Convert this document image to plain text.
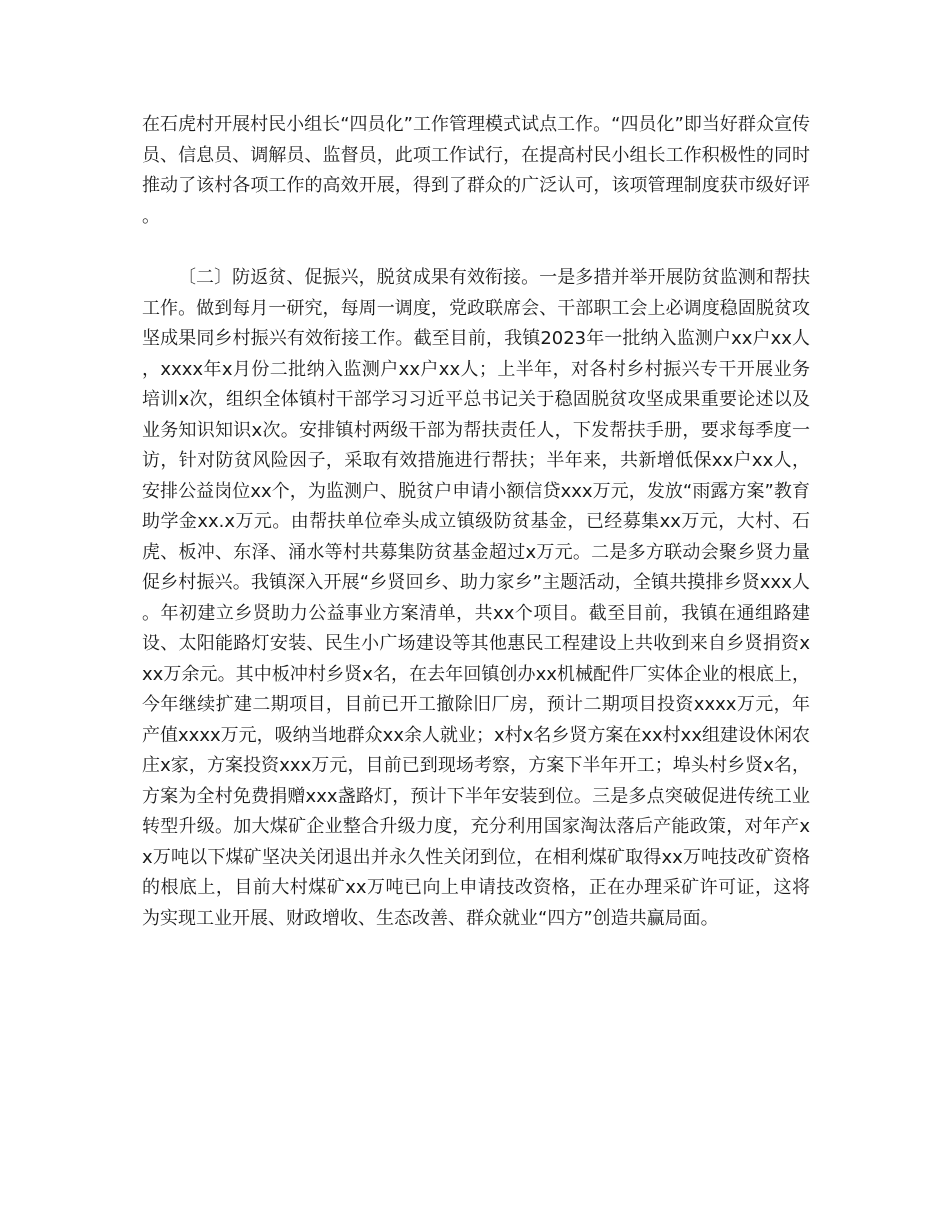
在石虎村开展村民小组长“四员化”工作管理模式试点工作。“四员化”即当好群众宣传员、信息员、调解员、监督员，此项工作试行，在提高村民小组长工作积极性的同时推动了该村各项工作的高效开展，得到了群众的广泛认可，该项管理制度获市级好评。

〔二〕防返贫、促振兴，脱贫成果有效衔接。一是多措并举开展防贫监测和帮扶工作。做到每月一研究，每周一调度，党政联席会、干部职工会上必调度稳固脱贫攻坚成果同乡村振兴有效衔接工作。截至目前，我镇2023年一批纳入监测户xx户xx人，xxxx年x月份二批纳入监测户xx户xx人；上半年，对各村乡村振兴专干开展业务培训x次，组织全体镇村干部学习习近平总书记关于稳固脱贫攻坚成果重要论述以及业务知识知识x次。安排镇村两级干部为帮扶责任人，下发帮扶手册，要求每季度一访，针对防贫风险因子，采取有效措施进行帮扶；半年来，共新增低保xx户xx人，安排公益岗位xx个，为监测户、脱贫户申请小额信贷xxx万元，发放“雨露方案”教育助学金xx.x万元。由帮扶单位牵头成立镇级防贫基金，已经募集xx万元，大村、石虎、板冲、东泽、涌水等村共募集防贫基金超过x万元。二是多方联动会聚乡贤力量促乡村振兴。我镇深入开展“乡贤回乡、助力家乡”主题活动，全镇共摸排乡贤xxx人。年初建立乡贤助力公益事业方案清单，共xx个项目。截至目前，我镇在通组路建设、太阳能路灯安装、民生小广场建设等其他惠民工程建设上共收到来自乡贤捐资xxx万余元。其中板冲村乡贤x名，在去年回镇创办xx机械配件厂实体企业的根底上，今年继续扩建二期项目，目前已开工撤除旧厂房，预计二期项目投资xxxx万元，年产值xxxx万元，吸纳当地群众xx余人就业；x村x名乡贤方案在xx村xx组建设休闲农庄x家，方案投资xxx万元，目前已到现场考察，方案下半年开工；埠头村乡贤x名，方案为全村免费捐赠xxx盏路灯，预计下半年安装到位。三是多点突破促进传统工业转型升级。加大煤矿企业整合升级力度，充分利用国家淘汰落后产能政策，对年产xx万吨以下煤矿坚决关闭退出并永久性关闭到位，在相利煤矿取得xx万吨技改矿资格的根底上，目前大村煤矿xx万吨已向上申请技改资格，正在办理采矿许可证，这将为实现工业开展、财政增收、生态改善、群众就业“四方”创造共赢局面。
